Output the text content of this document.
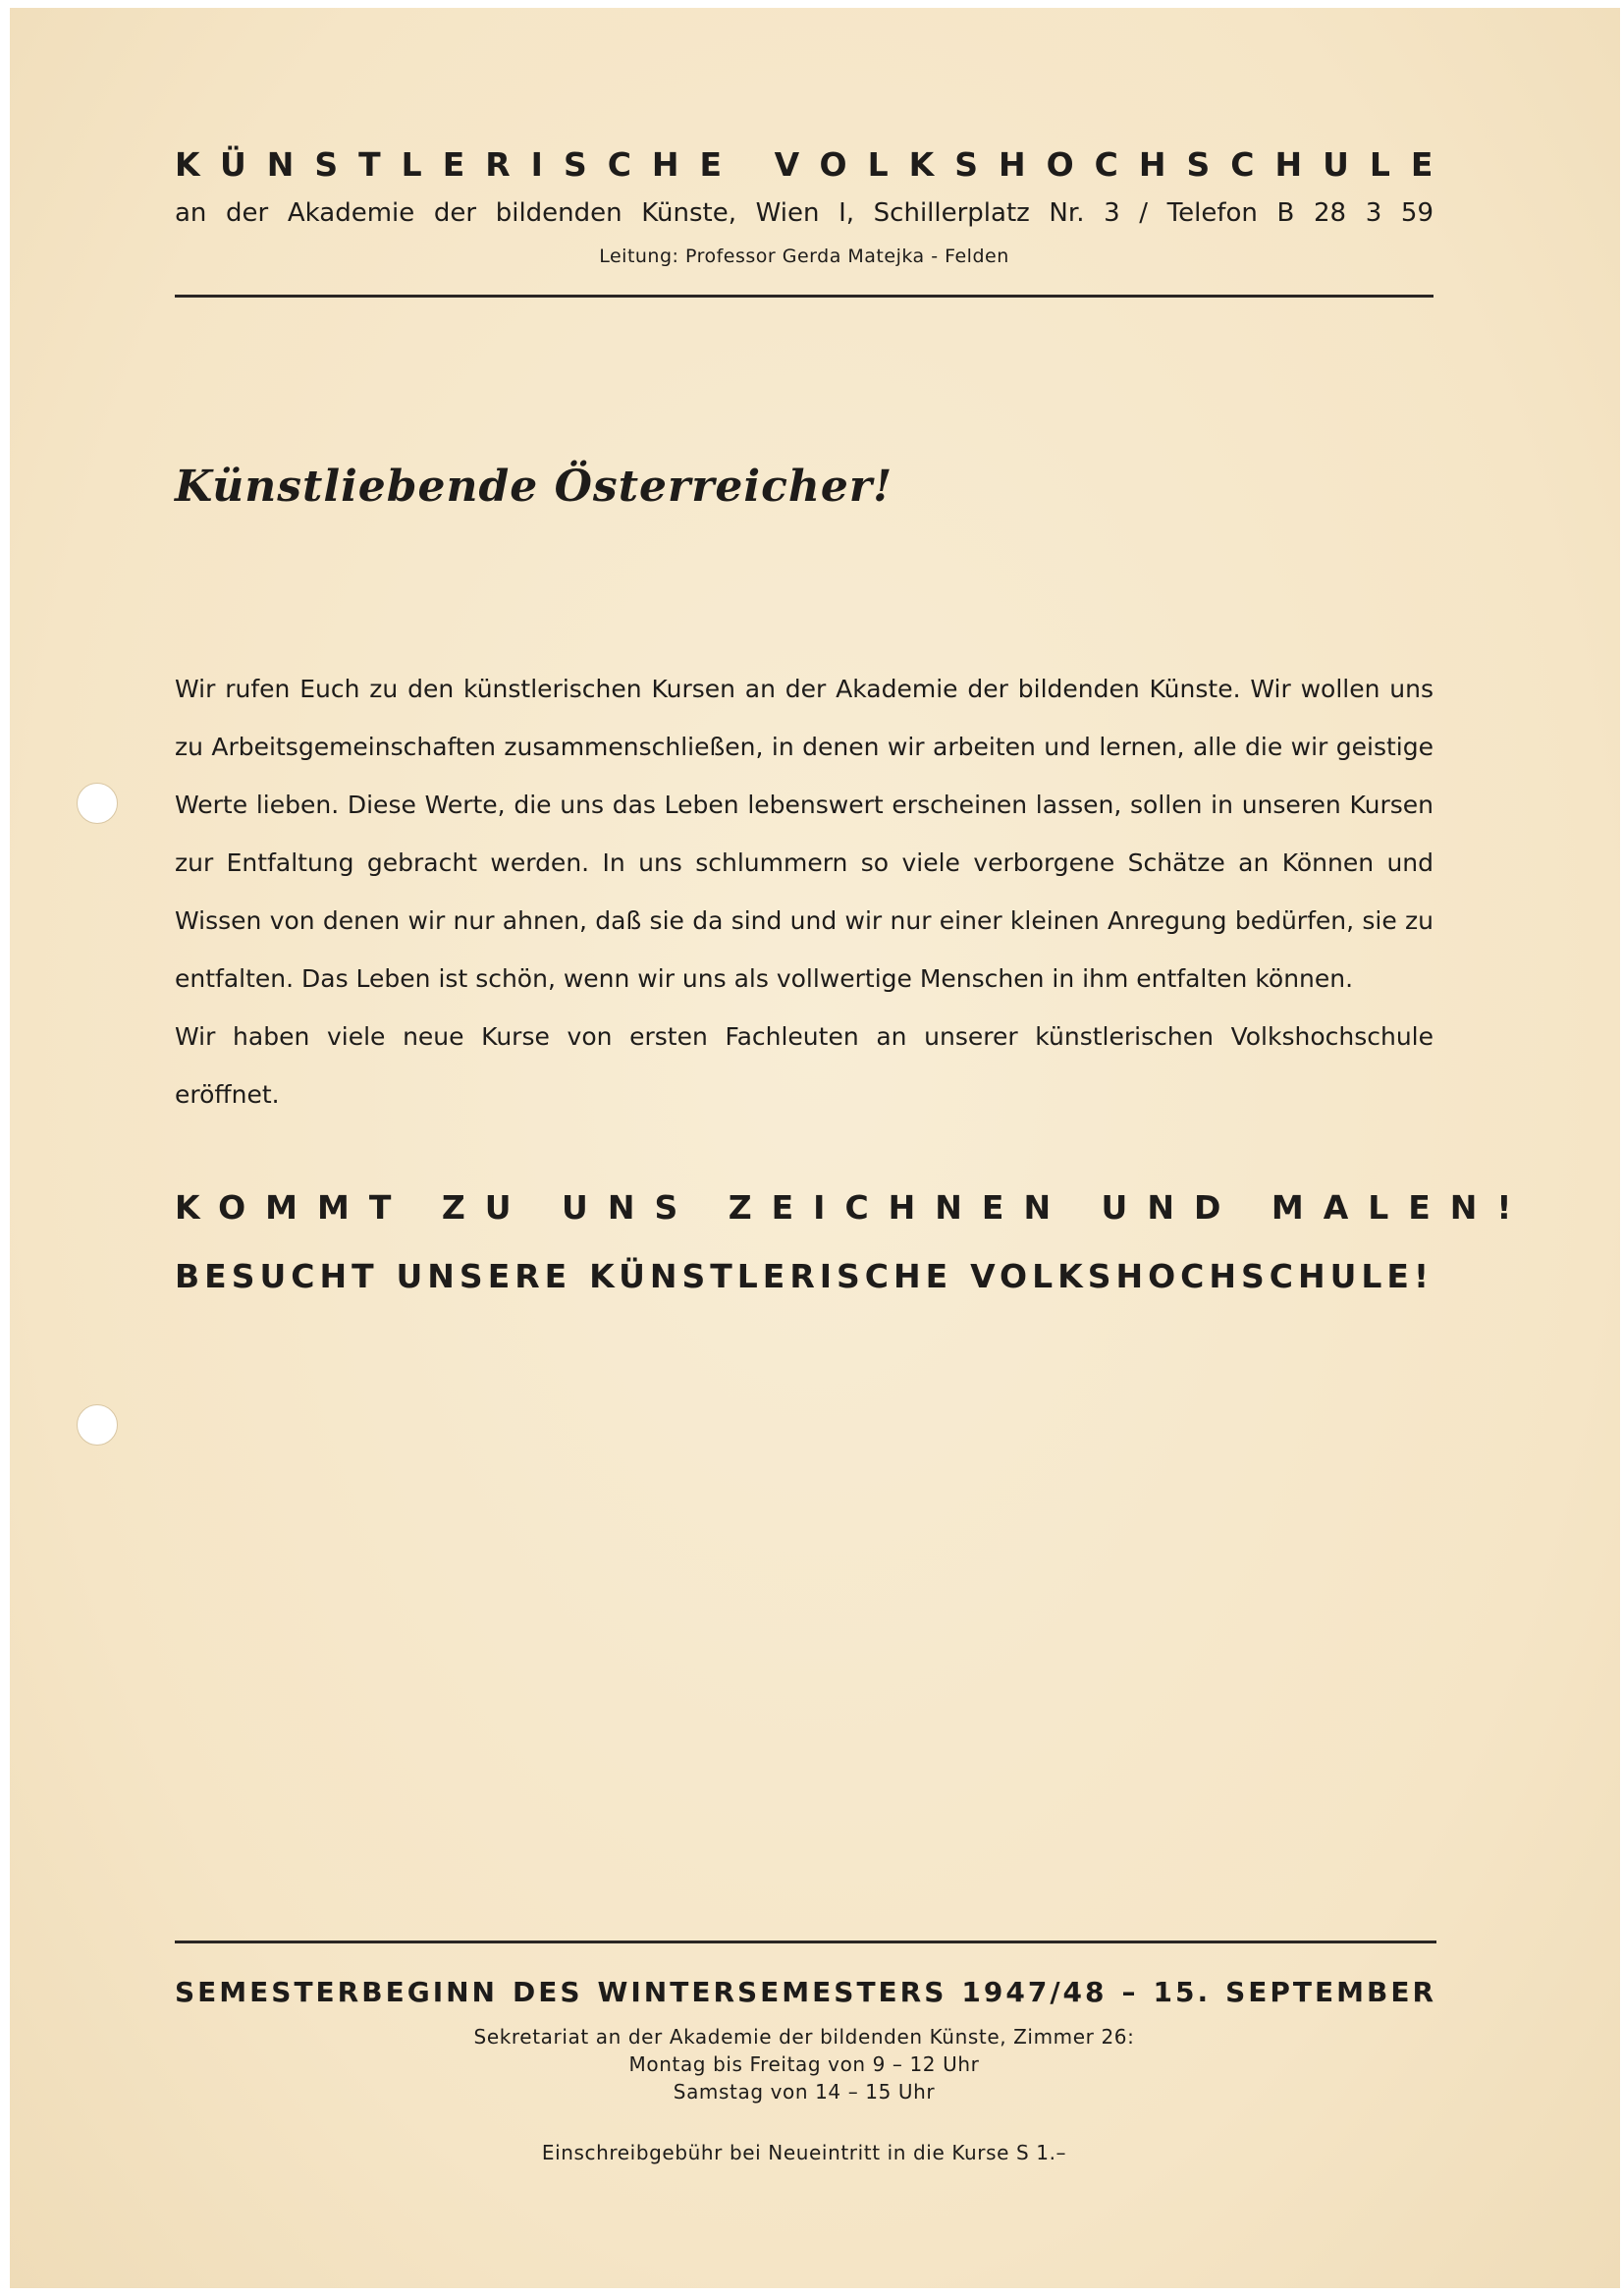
KÜNSTLERISCHE VOLKSHOCHSCHULE
an der Akademie der bildenden Künste, Wien I, Schillerplatz Nr. 3 / Telefon B 28 3 59
Leitung: Professor Gerda Matejka - Felden
Künstliebende Österreicher!

Wir rufen Euch zu den künstlerischen Kursen an der Akademie der bildenden Künste. Wir wollen uns zu Arbeitsgemeinschaften zusammenschließen, in denen wir arbeiten und lernen, alle die wir geistige Werte lieben. Diese Werte, die uns das Leben lebenswert erscheinen lassen, sollen in unseren Kursen zur Entfaltung gebracht werden. In uns schlummern so viele verborgene Schätze an Können und Wissen von denen wir nur ahnen, daß sie da sind und wir nur einer kleinen Anregung bedürfen, sie zu entfalten. Das Leben ist schön, wenn wir uns als vollwertige Menschen in ihm entfalten können.

Wir haben viele neue Kurse von ersten Fachleuten an unserer künstlerischen Volkshochschule eröffnet.

KOMMT ZU UNS ZEICHNEN UND MALEN!
BESUCHT UNSERE KÜNSTLERISCHE VOLKSHOCHSCHULE!
SEMESTERBEGINN DES WINTERSEMESTERS 1947/48 – 15. SEPTEMBER
Sekretariat an der Akademie der bildenden Künste, Zimmer 26:
Montag bis Freitag von 9 – 12 Uhr
Samstag von 14 – 15 Uhr
Einschreibgebühr bei Neueintritt in die Kurse S 1.–
